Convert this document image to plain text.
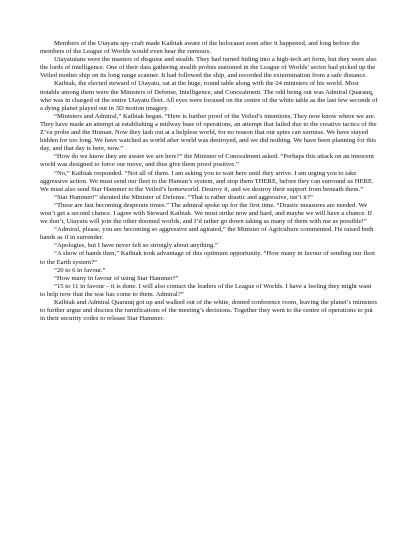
Members of the Utayatu spy-craft made Kaibiak aware of the holocaust soon after it happened, and long before the members of the League of Worlds would even hear the rumours.

Utayatuians were the masters of disguise and stealth. They had turned hiding into a high-tech art form, but they were also the lords of intelligence. One of their data gathering stealth probes stationed in the League of Worlds’ sector had picked up the Veiled mother ship on its long range scanner. It had followed the ship, and recorded the extermination from a safe distance.

Kaibiak, the elected steward of Utayatu, sat at the huge, round table along with the 24 ministers of his world. Most notable among them were the Ministers of Defense, Intelligence, and Concealment. The odd being out was Admiral Quarauq, who was in charged of the entire Utayatu fleet. All eyes were focused on the centre of the white table as the last few seconds of a dying planet played out in 3D motion imagery.

“Ministers and Admiral,” Kaibiak began. “Here is further proof of the Veiled’s intentions. They now know where we are. They have made an attempt at establishing a midway base of operations, an attempt that failed due to the creative tactics of the Z’va probe and the Human. Now they lash out at a helpless world, for no reason that our spies can surmise. We have stayed hidden for too long. We have watched as world after world was destroyed, and we did nothing. We have been planning for this day, and that day is here, now.”

“How do we know they are aware we are here?” the Minister of Concealment asked. “Perhaps this attack on an innocent world was designed to force our move, and thus give them proof positive.”

“No,” Kaibiak responded. “Not all of them. I am asking you to wait here until they arrive. I am urging you to take aggressive action. We must send our fleet to the Human’s system, and stop them THERE, before they can surround us HERE. We must also send Star Hammer to the Veiled’s homeworld. Destroy it, and we destroy their support from beneath them.”

“Star Hammer!” shouted the Minister of Defense. “That is rather drastic and aggressive, isn’t it?”

“These are fast becoming desperate times.” The admiral spoke up for the first time. “Drastic measures are needed. We won’t get a second chance. I agree with Steward Kaibiak. We must strike now and hard, and maybe we will have a chance. If we don’t, Utayatu will join the other doomed worlds, and I’d rather go down taking as many of them with me as possible!”

“Admiral, please, you are becoming so aggressive and agitated,” the Minister of Agriculture commented. He raised both hands as if in surrender.

“Apologies, but I have never felt so strongly about anything.”

“A show of hands then,” Kaibiak took advantage of this optimum opportunity. “How many in favour of sending our fleet to the Earth system?”

“20 to 6 in favour.”

“How many in favour of using Star Hammer?”

“15 to 11 in favour – it is done. I will also contact the leaders of the League of Worlds. I have a feeling they might want to help now that the war has come to them. Admiral?”

Kaibiak and Admiral Quarauq got up and walked out of the white, domed conference room, leaving the planet’s ministers to further argue and discuss the ramifications of the meeting’s decisions. Together they went to the centre of operations to put in their security codes to release Star Hammer.
